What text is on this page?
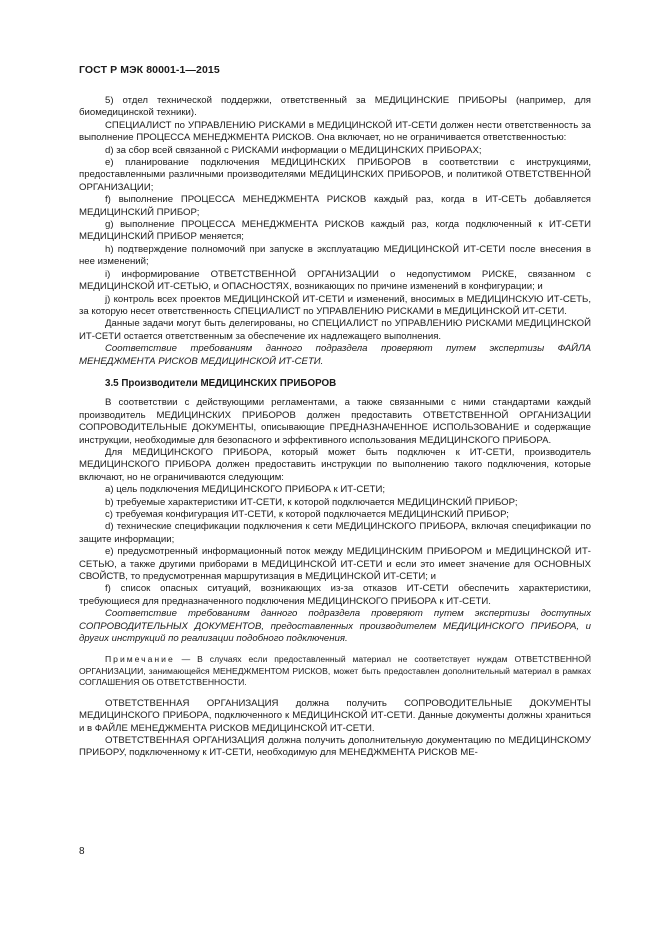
ГОСТ Р МЭК 80001-1—2015

5) отдел технической поддержки, ответственный за МЕДИЦИНСКИЕ ПРИБОРЫ (например, для биомедицинской техники).

СПЕЦИАЛИСТ по УПРАВЛЕНИЮ РИСКАМИ в МЕДИЦИНСКОЙ ИТ-СЕТИ должен нести ответственность за выполнение ПРОЦЕССА МЕНЕДЖМЕНТА РИСКОВ. Она включает, но не ограничивается ответственностью:

d) за сбор всей связанной с РИСКАМИ информации о МЕДИЦИНСКИХ ПРИБОРАХ;

e) планирование подключения МЕДИЦИНСКИХ ПРИБОРОВ в соответствии с инструкциями, предоставленными различными производителями МЕДИЦИНСКИХ ПРИБОРОВ, и политикой ОТВЕТСТВЕННОЙ ОРГАНИЗАЦИИ;

f) выполнение ПРОЦЕССА МЕНЕДЖМЕНТА РИСКОВ каждый раз, когда в ИТ-СЕТЬ добавляется МЕДИЦИНСКИЙ ПРИБОР;

g) выполнение ПРОЦЕССА МЕНЕДЖМЕНТА РИСКОВ каждый раз, когда подключенный к ИТ-СЕТИ МЕДИЦИНСКИЙ ПРИБОР меняется;

h) подтверждение полномочий при запуске в эксплуатацию МЕДИЦИНСКОЙ ИТ-СЕТИ после внесения в нее изменений;

i) информирование ОТВЕТСТВЕННОЙ ОРГАНИЗАЦИИ о недопустимом РИСКЕ, связанном с МЕДИЦИНСКОЙ ИТ-СЕТЬЮ, и ОПАСНОСТЯХ, возникающих по причине изменений в конфигурации; и

j) контроль всех проектов МЕДИЦИНСКОЙ ИТ-СЕТИ и изменений, вносимых в МЕДИЦИНСКУЮ ИТ-СЕТЬ, за которую несет ответственность СПЕЦИАЛИСТ по УПРАВЛЕНИЮ РИСКАМИ в МЕДИЦИНСКОЙ ИТ-СЕТИ.

Данные задачи могут быть делегированы, но СПЕЦИАЛИСТ по УПРАВЛЕНИЮ РИСКАМИ МЕДИЦИНСКОЙ ИТ-СЕТИ остается ответственным за обеспечение их надлежащего выполнения.

Соответствие требованиям данного подраздела проверяют путем экспертизы ФАЙЛА МЕНЕДЖМЕНТА РИСКОВ МЕДИЦИНСКОЙ ИТ-СЕТИ.

3.5 Производители МЕДИЦИНСКИХ ПРИБОРОВ

В соответствии с действующими регламентами, а также связанными с ними стандартами каждый производитель МЕДИЦИНСКИХ ПРИБОРОВ должен предоставить ОТВЕТСТВЕННОЙ ОРГАНИЗАЦИИ СОПРОВОДИТЕЛЬНЫЕ ДОКУМЕНТЫ, описывающие ПРЕДНАЗНАЧЕННОЕ ИСПОЛЬЗОВАНИЕ и содержащие инструкции, необходимые для безопасного и эффективного использования МЕДИЦИНСКОГО ПРИБОРА.

Для МЕДИЦИНСКОГО ПРИБОРА, который может быть подключен к ИТ-СЕТИ, производитель МЕДИЦИНСКОГО ПРИБОРА должен предоставить инструкции по выполнению такого подключения, которые включают, но не ограничиваются следующим:

a) цель подключения МЕДИЦИНСКОГО ПРИБОРА к ИТ-СЕТИ;

b) требуемые характеристики ИТ-СЕТИ, к которой подключается МЕДИЦИНСКИЙ ПРИБОР;

c) требуемая конфигурация ИТ-СЕТИ, к которой подключается МЕДИЦИНСКИЙ ПРИБОР;

d) технические спецификации подключения к сети МЕДИЦИНСКОГО ПРИБОРА, включая спецификации по защите информации;

e) предусмотренный информационный поток между МЕДИЦИНСКИМ ПРИБОРОМ и МЕДИЦИНСКОЙ ИТ-СЕТЬЮ, а также другими приборами в МЕДИЦИНСКОЙ ИТ-СЕТИ и если это имеет значение для ОСНОВНЫХ СВОЙСТВ, то предусмотренная маршрутизация в МЕДИЦИНСКОЙ ИТ-СЕТИ; и

f) список опасных ситуаций, возникающих из-за отказов ИТ-СЕТИ обеспечить характеристики, требующиеся для предназначенного подключения МЕДИЦИНСКОГО ПРИБОРА к ИТ-СЕТИ.

Соответствие требованиям данного подраздела проверяют путем экспертизы доступных СОПРОВОДИТЕЛЬНЫХ ДОКУМЕНТОВ, предоставленных производителем МЕДИЦИНСКОГО ПРИБОРА, и других инструкций по реализации подобного подключения.

Примечание — В случаях если предоставленный материал не соответствует нуждам ОТВЕТСТВЕННОЙ ОРГАНИЗАЦИИ, занимающейся МЕНЕДЖМЕНТОМ РИСКОВ, может быть предоставлен дополнительный материал в рамках СОГЛАШЕНИЯ ОБ ОТВЕТСТВЕННОСТИ.

ОТВЕТСТВЕННАЯ ОРГАНИЗАЦИЯ должна получить СОПРОВОДИТЕЛЬНЫЕ ДОКУМЕНТЫ МЕДИЦИНСКОГО ПРИБОРА, подключенного к МЕДИЦИНСКОЙ ИТ-СЕТИ. Данные документы должны храниться и в ФАЙЛЕ МЕНЕДЖМЕНТА РИСКОВ МЕДИЦИНСКОЙ ИТ-СЕТИ.

ОТВЕТСТВЕННАЯ ОРГАНИЗАЦИЯ должна получить дополнительную документацию по МЕДИЦИНСКОМУ ПРИБОРУ, подключенному к ИТ-СЕТИ, необходимую для МЕНЕДЖМЕНТА РИСКОВ МЕ-

8
